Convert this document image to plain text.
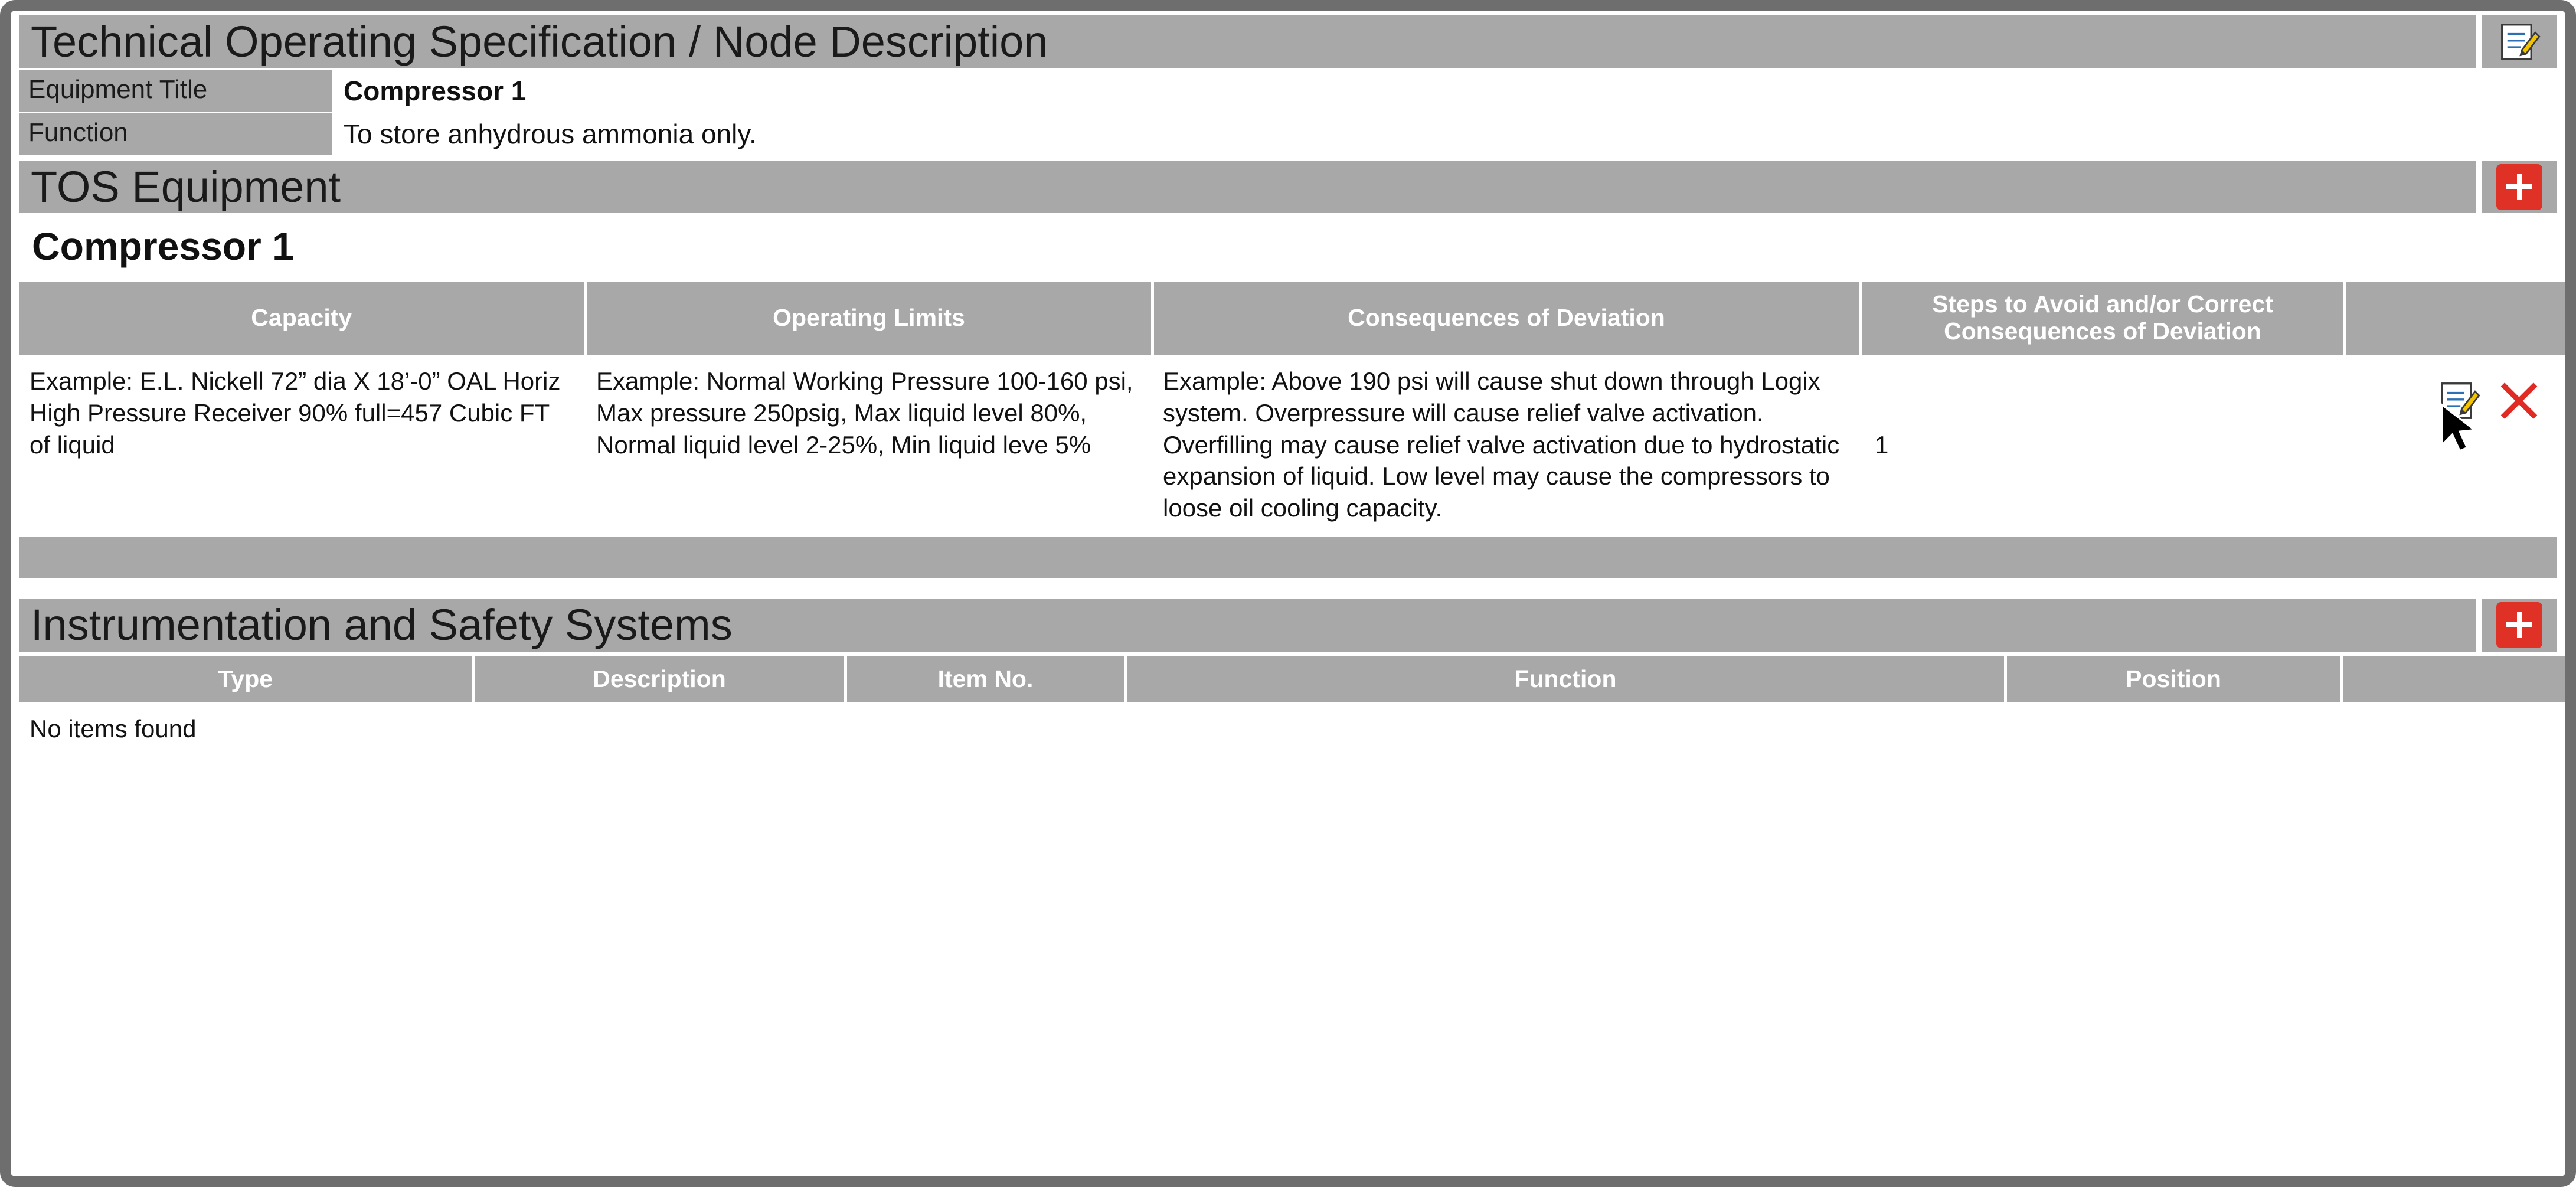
Technical Operating Specification / Node Description
Equipment Title	Compressor 1
Function	To store anhydrous ammonia only.
TOS Equipment
Compressor 1
Capacity	Operating Limits	Consequences of Deviation	Steps to Avoid and/or Correct Consequences of Deviation	
Example: E.L. Nickell 72” dia X 18’-0” OAL Horiz High Pressure Receiver 90% full=457 Cubic FT of liquid	Example: Normal Working Pressure 100-160 psi, Max pressure 250psig, Max liquid level 80%, Normal liquid level 2-25%, Min liquid leve 5%	Example: Above 190 psi will cause shut down through Logix system. Overpressure will cause relief valve activation. Overfilling may cause relief valve activation due to hydrostatic expansion of liquid. Low level may cause the compressors to loose oil cooling capacity.	1	
Instrumentation and Safety Systems
Type	Description	Item No.	Function	Position	
No items found
